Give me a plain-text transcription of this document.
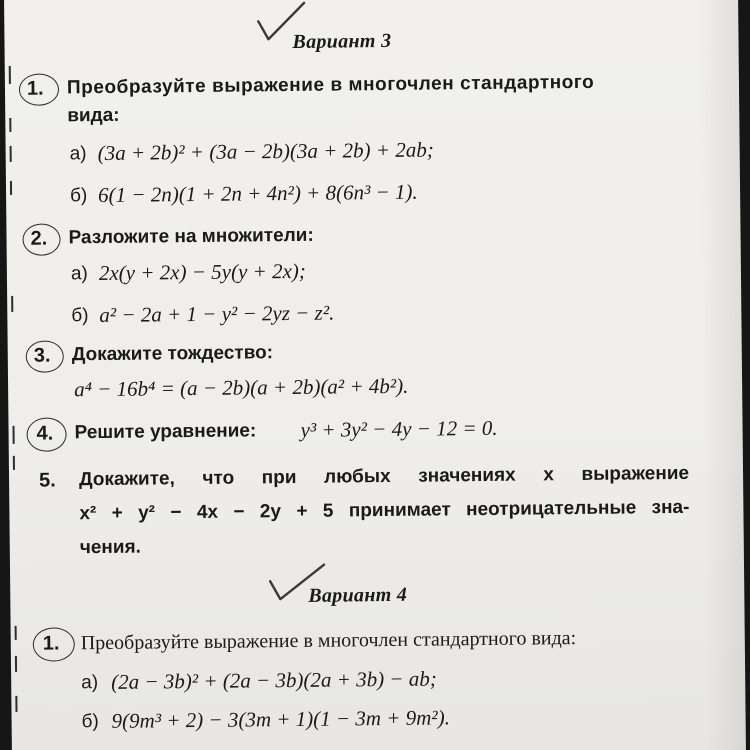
Вариант 3
1. Преобразуйте выражение в многочлен стандартного
вида:
а) (3a + 2b)² + (3a − 2b)(3a + 2b) + 2ab;
б) 6(1 − 2n)(1 + 2n + 4n²) + 8(6n³ − 1).
2. Разложите на множители:
а) 2x(y + 2x) − 5y(y + 2x);
б) a² − 2a + 1 − y² − 2yz − z².
3. Докажите тождество:
a⁴ − 16b⁴ = (a − 2b)(a + 2b)(a² + 4b²).
4. Решите уравнение: y³ + 3y² − 4y − 12 = 0.
5. Докажите, что при любых значениях x выражение
x² + y² − 4x − 2y + 5 принимает неотрицательные зна-
чения.
Вариант 4
1. Преобразуйте выражение в многочлен стандартного вида:
а) (2a − 3b)² + (2a − 3b)(2a + 3b) − ab;
б) 9(9m³ + 2) − 3(3m + 1)(1 − 3m + 9m²).
